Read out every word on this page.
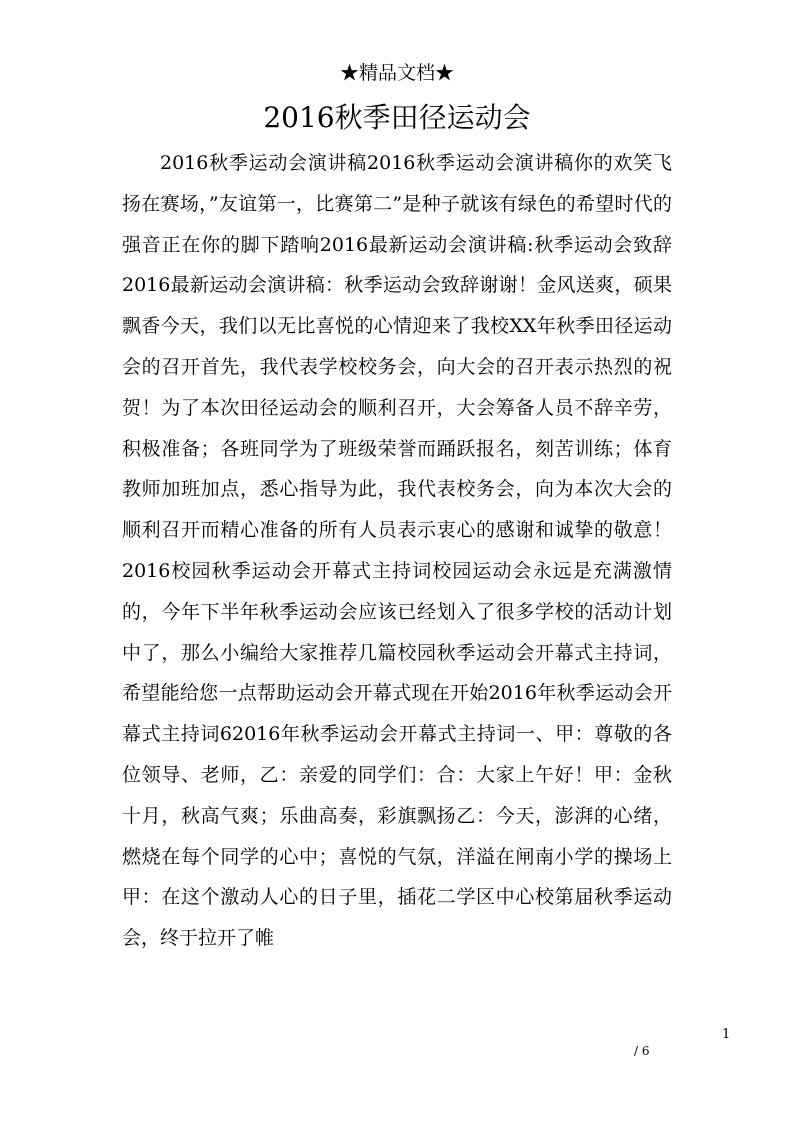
★精品文档★
2016秋季田径运动会

2016秋季运动会演讲稿2016秋季运动会演讲稿你的欢笑飞扬在赛场，”友谊第一，比赛第二”是种子就该有绿色的希望时代的强音正在你的脚下踏响2016最新运动会演讲稿:秋季运动会致辞2016最新运动会演讲稿：秋季运动会致辞谢谢！金风送爽，硕果飘香今天，我们以无比喜悦的心情迎来了我校XX年秋季田径运动会的召开首先，我代表学校校务会，向大会的召开表示热烈的祝贺！为了本次田径运动会的顺利召开，大会筹备人员不辞辛劳，积极准备；各班同学为了班级荣誉而踊跃报名，刻苦训练；体育教师加班加点，悉心指导为此，我代表校务会，向为本次大会的顺利召开而精心准备的所有人员表示衷心的感谢和诚挚的敬意！2016校园秋季运动会开幕式主持词校园运动会永远是充满激情的，今年下半年秋季运动会应该已经划入了很多学校的活动计划中了，那么小编给大家推荐几篇校园秋季运动会开幕式主持词，希望能给您一点帮助运动会开幕式现在开始2016年秋季运动会开幕式主持词62016年秋季运动会开幕式主持词一、甲：尊敬的各位领导、老师，乙：亲爱的同学们：合：大家上午好！甲：金秋十月，秋高气爽；乐曲高奏，彩旗飘扬乙：今天，澎湃的心绪，燃烧在每个同学的心中；喜悦的气氛，洋溢在闸南小学的操场上甲：在这个激动人心的日子里，插花二学区中心校第届秋季运动会，终于拉开了帷

1
/ 6
